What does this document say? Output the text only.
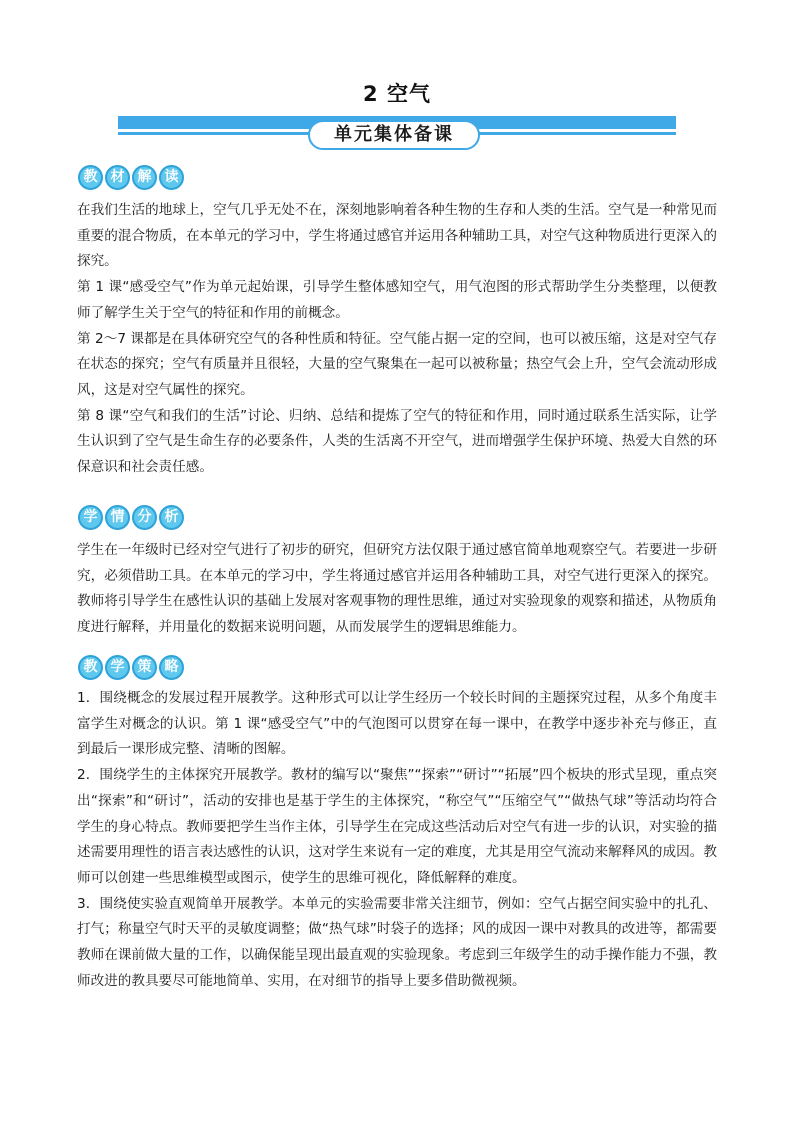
2 空气
单元集体备课
教 材 解 读

在我们生活的地球上，空气几乎无处不在，深刻地影响着各种生物的生存和人类的生活。空气是一种常见而重要的混合物质，在本单元的学习中，学生将通过感官并运用各种辅助工具，对空气这种物质进行更深入的探究。

第 1 课“感受空气”作为单元起始课，引导学生整体感知空气，用气泡图的形式帮助学生分类整理，以便教师了解学生关于空气的特征和作用的前概念。

第 2～7 课都是在具体研究空气的各种性质和特征。空气能占据一定的空间，也可以被压缩，这是对空气存在状态的探究；空气有质量并且很轻，大量的空气聚集在一起可以被称量；热空气会上升，空气会流动形成风，这是对空气属性的探究。

第 8 课“空气和我们的生活”讨论、归纳、总结和提炼了空气的特征和作用，同时通过联系生活实际，让学生认识到了空气是生命生存的必要条件，人类的生活离不开空气，进而增强学生保护环境、热爱大自然的环保意识和社会责任感。

学 情 分 析

学生在一年级时已经对空气进行了初步的研究，但研究方法仅限于通过感官简单地观察空气。若要进一步研究，必须借助工具。在本单元的学习中，学生将通过感官并运用各种辅助工具，对空气进行更深入的探究。教师将引导学生在感性认识的基础上发展对客观事物的理性思维，通过对实验现象的观察和描述，从物质角度进行解释，并用量化的数据来说明问题，从而发展学生的逻辑思维能力。

教 学 策 略

1．围绕概念的发展过程开展教学。这种形式可以让学生经历一个较长时间的主题探究过程，从多个角度丰富学生对概念的认识。第 1 课“感受空气”中的气泡图可以贯穿在每一课中，在教学中逐步补充与修正，直到最后一课形成完整、清晰的图解。

2．围绕学生的主体探究开展教学。教材的编写以“聚焦”“探索”“研讨”“拓展”四个板块的形式呈现，重点突出“探索”和“研讨”，活动的安排也是基于学生的主体探究，“称空气”“压缩空气”“做热气球”等活动均符合学生的身心特点。教师要把学生当作主体，引导学生在完成这些活动后对空气有进一步的认识，对实验的描述需要用理性的语言表达感性的认识，这对学生来说有一定的难度，尤其是用空气流动来解释风的成因。教师可以创建一些思维模型或图示，使学生的思维可视化，降低解释的难度。

3．围绕使实验直观简单开展教学。本单元的实验需要非常关注细节，例如：空气占据空间实验中的扎孔、打气；称量空气时天平的灵敏度调整；做“热气球”时袋子的选择；风的成因一课中对教具的改进等，都需要教师在课前做大量的工作，以确保能呈现出最直观的实验现象。考虑到三年级学生的动手操作能力不强，教师改进的教具要尽可能地简单、实用，在对细节的指导上要多借助微视频。
